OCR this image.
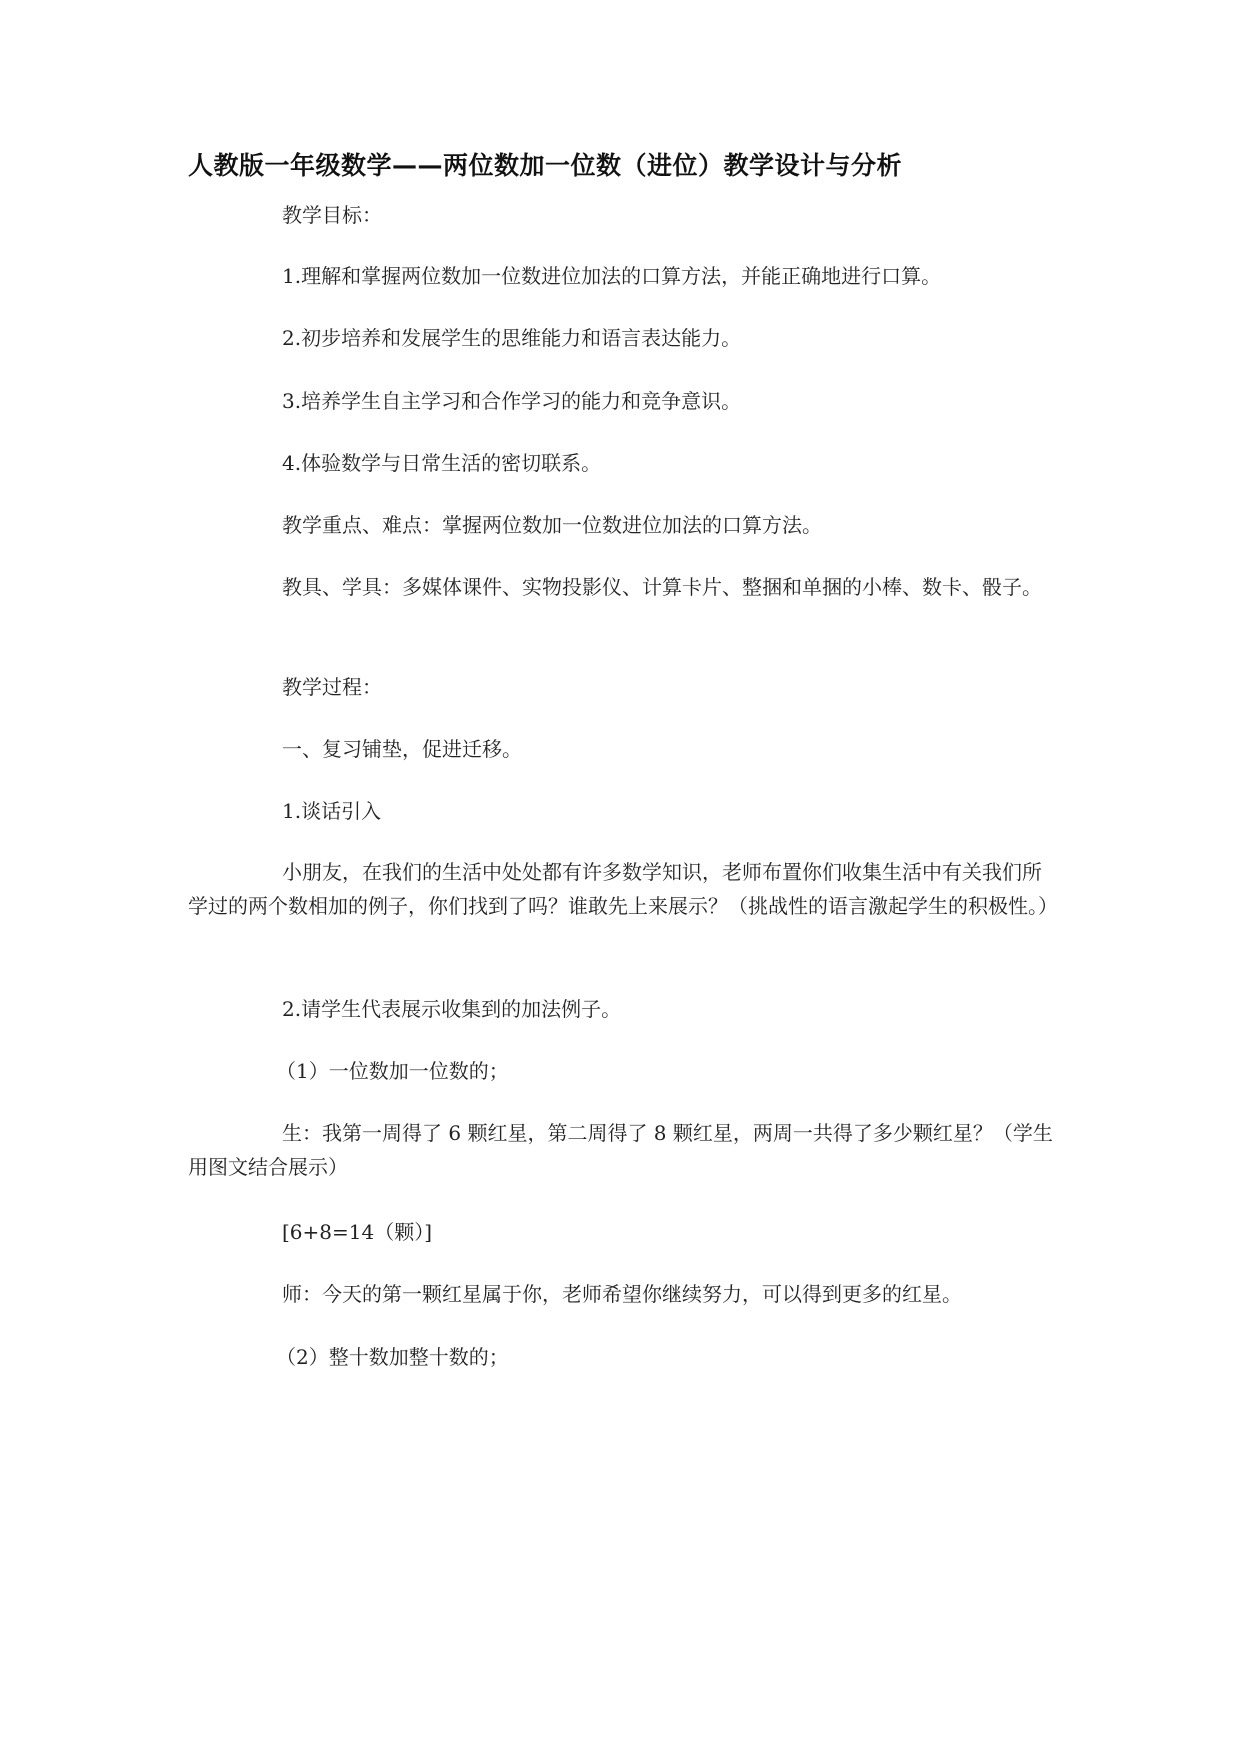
人教版一年级数学——两位数加一位数（进位）教学设计与分析

教学目标：

1.理解和掌握两位数加一位数进位加法的口算方法，并能正确地进行口算。

2.初步培养和发展学生的思维能力和语言表达能力。

3.培养学生自主学习和合作学习的能力和竞争意识。

4.体验数学与日常生活的密切联系。

教学重点、难点：掌握两位数加一位数进位加法的口算方法。

教具、学具：多媒体课件、实物投影仪、计算卡片、整捆和单捆的小棒、数卡、骰子。

教学过程：

一、复习铺垫，促进迁移。

1.谈话引入

小朋友，在我们的生活中处处都有许多数学知识，老师布置你们收集生活中有关我们所学过的两个数相加的例子，你们找到了吗？谁敢先上来展示？（挑战性的语言激起学生的积极性。）

2.请学生代表展示收集到的加法例子。

（1）一位数加一位数的；

生：我第一周得了 6 颗红星，第二周得了 8 颗红星，两周一共得了多少颗红星？（学生用图文结合展示）

[6+8=14（颗）]

师：今天的第一颗红星属于你，老师希望你继续努力，可以得到更多的红星。

（2）整十数加整十数的；
